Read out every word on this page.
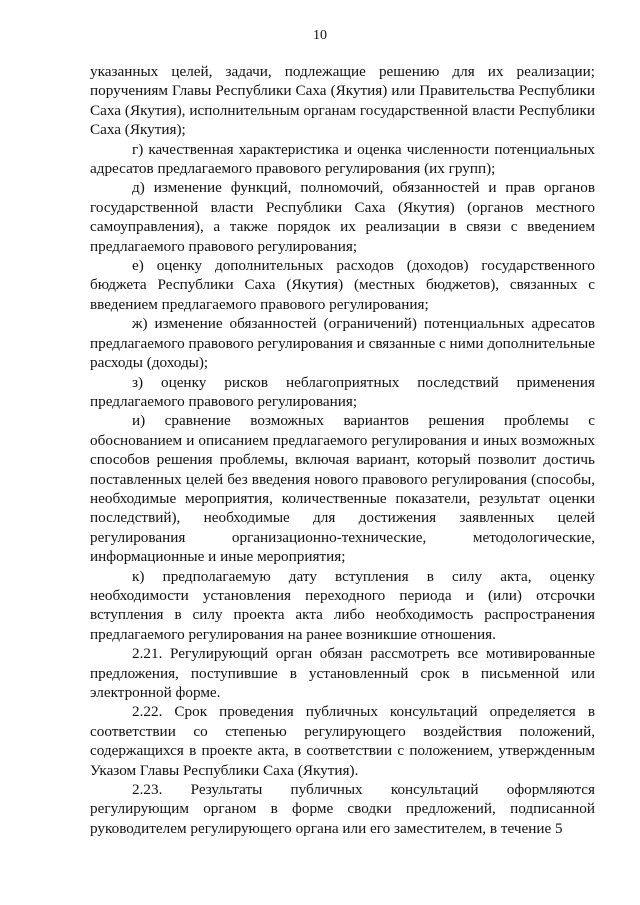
10

указанных целей, задачи, подлежащие решению для их реализации; поручениям Главы Республики Саха (Якутия) или Правительства Республики Саха (Якутия), исполнительным органам государственной власти Республики Саха (Якутия);

г) качественная характеристика и оценка численности потенциальных адресатов предлагаемого правового регулирования (их групп);

д) изменение функций, полномочий, обязанностей и прав органов государственной власти Республики Саха (Якутия) (органов местного самоуправления), а также порядок их реализации в связи с введением предлагаемого правового регулирования;

е) оценку дополнительных расходов (доходов) государственного бюджета Республики Саха (Якутия) (местных бюджетов), связанных с введением предлагаемого правового регулирования;

ж) изменение обязанностей (ограничений) потенциальных адресатов предлагаемого правового регулирования и связанные с ними дополнительные расходы (доходы);

з) оценку рисков неблагоприятных последствий применения предлагаемого правового регулирования;

и) сравнение возможных вариантов решения проблемы с обоснованием и описанием предлагаемого регулирования и иных возможных способов решения проблемы, включая вариант, который позволит достичь поставленных целей без введения нового правового регулирования (способы, необходимые мероприятия, количественные показатели, результат оценки последствий), необходимые для достижения заявленных целей регулирования организационно-технические, методологические, информационные и иные мероприятия;

к) предполагаемую дату вступления в силу акта, оценку необходимости установления переходного периода и (или) отсрочки вступления в силу проекта акта либо необходимость распространения предлагаемого регулирования на ранее возникшие отношения.

2.21. Регулирующий орган обязан рассмотреть все мотивированные предложения, поступившие в установленный срок в письменной или электронной форме.

2.22. Срок проведения публичных консультаций определяется в соответствии со степенью регулирующего воздействия положений, содержащихся в проекте акта, в соответствии с положением, утвержденным Указом Главы Республики Саха (Якутия).

2.23. Результаты публичных консультаций оформляются регулирующим органом в форме сводки предложений, подписанной руководителем регулирующего органа или его заместителем, в течение 5
